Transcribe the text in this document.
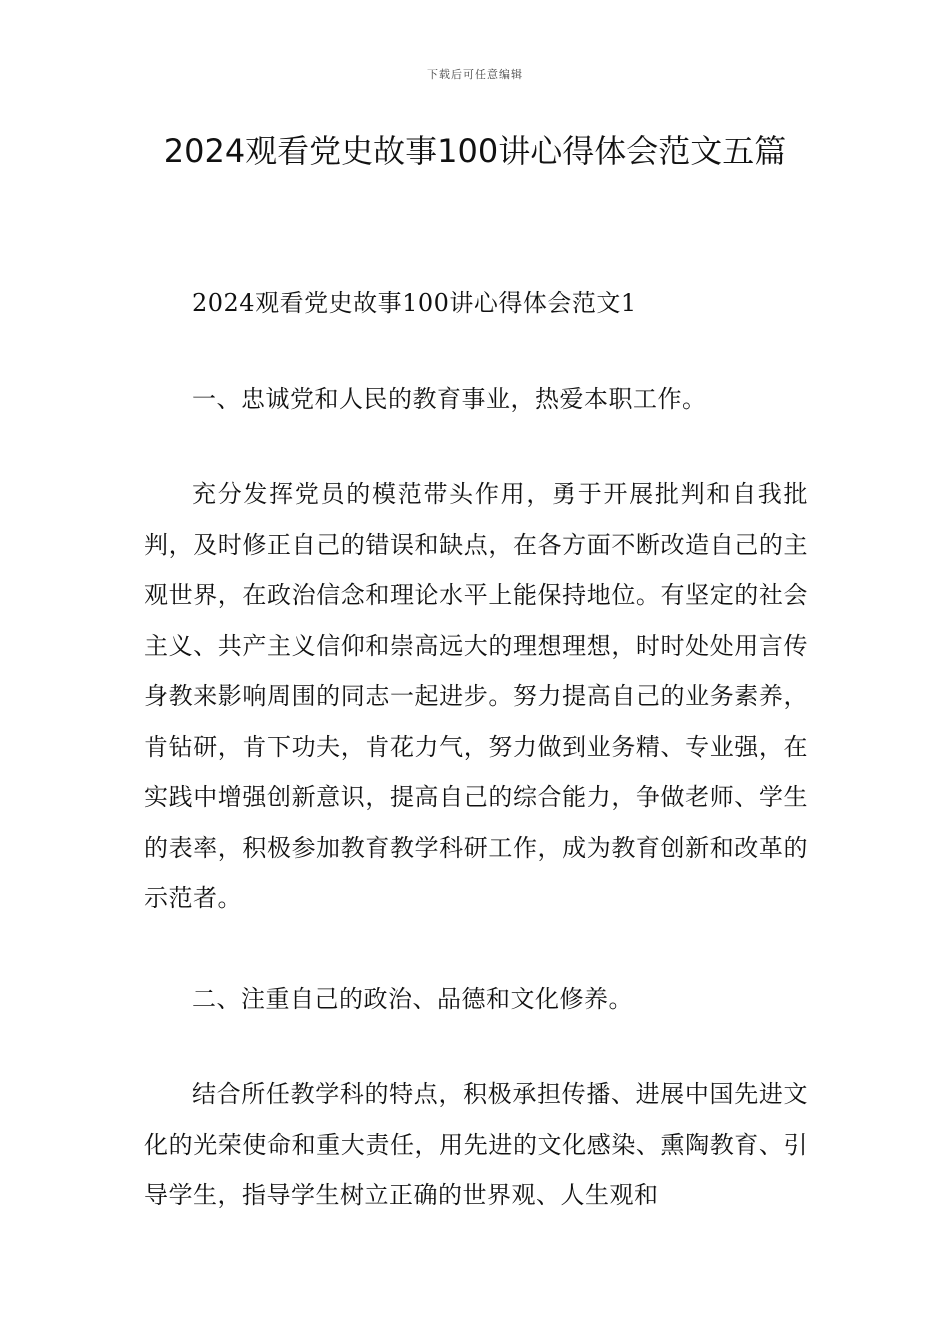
下载后可任意编辑
2024观看党史故事100讲心得体会范文五篇

2024观看党史故事100讲心得体会范文1

一、忠诚党和人民的教育事业，热爱本职工作。

充分发挥党员的模范带头作用，勇于开展批判和自我批判，及时修正自己的错误和缺点，在各方面不断改造自己的主观世界，在政治信念和理论水平上能保持地位。有坚定的社会主义、共产主义信仰和崇高远大的理想理想，时时处处用言传身教来影响周围的同志一起进步。努力提高自己的业务素养，肯钻研，肯下功夫，肯花力气，努力做到业务精、专业强，在实践中增强创新意识，提高自己的综合能力，争做老师、学生的表率，积极参加教育教学科研工作，成为教育创新和改革的示范者。

二、注重自己的政治、品德和文化修养。

结合所任教学科的特点，积极承担传播、进展中国先进文化的光荣使命和重大责任，用先进的文化感染、熏陶教育、引导学生，指导学生树立正确的世界观、人生观和
